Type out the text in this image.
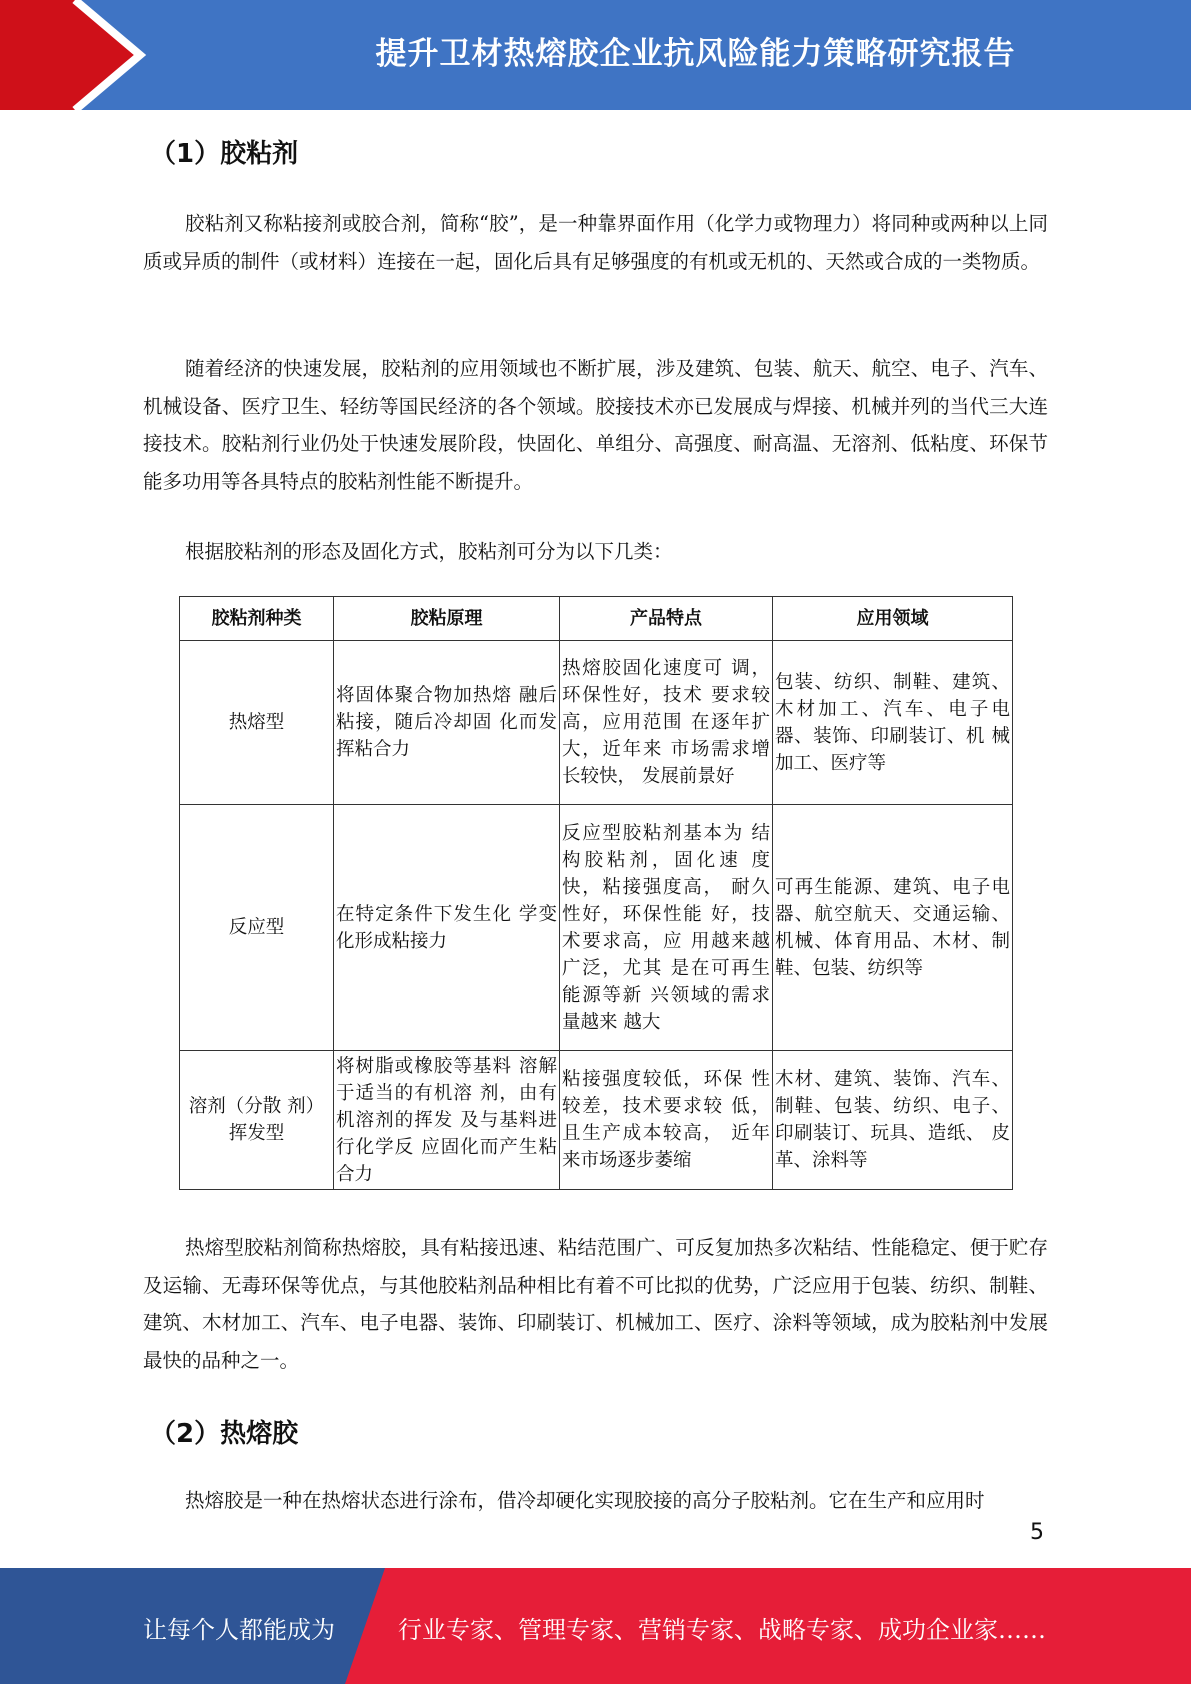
提升卫材热熔胶企业抗风险能力策略研究报告
（1）胶粘剂

胶粘剂又称粘接剂或胶合剂，简称“胶”，是一种靠界面作用（化学力或物理力）将同种或两种以上同质或异质的制件（或材料）连接在一起，固化后具有足够强度的有机或无机的、天然或合成的一类物质。

随着经济的快速发展，胶粘剂的应用领域也不断扩展，涉及建筑、包装、航天、航空、电子、汽车、机械设备、医疗卫生、轻纺等国民经济的各个领域。胶接技术亦已发展成与焊接、机械并列的当代三大连接技术。胶粘剂行业仍处于快速发展阶段，快固化、单组分、高强度、耐高温、无溶剂、低粘度、环保节能多功用等各具特点的胶粘剂性能不断提升。

根据胶粘剂的形态及固化方式，胶粘剂可分为以下几类：

胶粘剂种类	胶粘原理	产品特点	应用领域
热熔型	将固体聚合物加热熔 融后粘接，随后冷却固 化而发挥粘合力	热熔胶固化速度可 调，环保性好，技术 要求较高，应用范围 在逐年扩大，近年来 市场需求增长较快， 发展前景好	包装、纺织、制鞋、建筑、 木材加工、汽车、电子电 器、装饰、印刷装订、机 械加工、医疗等
反应型	在特定条件下发生化 学变化形成粘接力	反应型胶粘剂基本为 结构胶粘剂，固化速 度快，粘接强度高， 耐久性好，环保性能 好，技术要求高，应 用越来越广泛，尤其 是在可再生能源等新 兴领域的需求量越来 越大	可再生能源、建筑、电子电器、航空航天、交通运输、机械、体育用品、木材、制鞋、包装、纺织等
溶剂（分散 剂）挥发型	将树脂或橡胶等基料 溶解于适当的有机溶 剂，由有机溶剂的挥发 及与基料进行化学反 应固化而产生粘合力	粘接强度较低，环保 性较差，技术要求较 低，且生产成本较高， 近年来市场逐步萎缩	木材、建筑、装饰、汽车、 制鞋、包装、纺织、电子、 印刷装订、玩具、造纸、 皮革、涂料等

热熔型胶粘剂简称热熔胶，具有粘接迅速、粘结范围广、可反复加热多次粘结、性能稳定、便于贮存及运输、无毒环保等优点，与其他胶粘剂品种相比有着不可比拟的优势，广泛应用于包装、纺织、制鞋、建筑、木材加工、汽车、电子电器、装饰、印刷装订、机械加工、医疗、涂料等领域，成为胶粘剂中发展最快的品种之一。

（2）热熔胶

热熔胶是一种在热熔状态进行涂布，借冷却硬化实现胶接的高分子胶粘剂。它在生产和应用时

5
让每个人都能成为	行业专家、管理专家、营销专家、战略专家、成功企业家……
